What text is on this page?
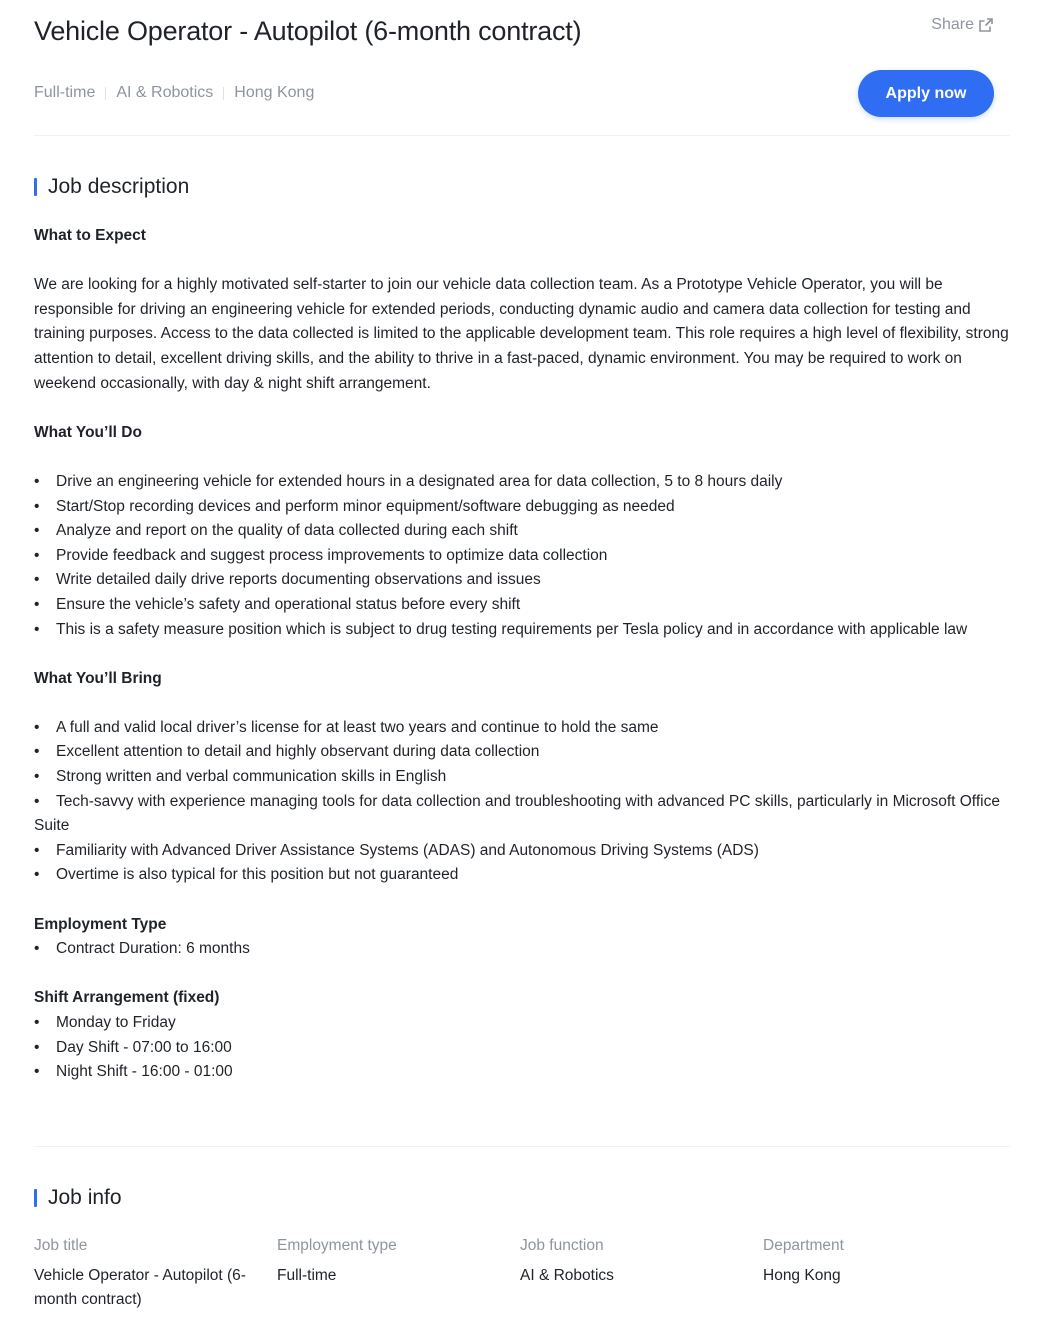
Vehicle Operator - Autopilot (6-month contract)	Share
Full-time AI & Robotics Hong Kong	Apply now
Job description
What to Expect

We are looking for a highly motivated self-starter to join our vehicle data collection team. As a Prototype Vehicle Operator, you will be responsible for driving an engineering vehicle for extended periods, conducting dynamic audio and camera data collection for testing and training purposes. Access to the data collected is limited to the applicable development team. This role requires a high level of flexibility, strong attention to detail, excellent driving skills, and the ability to thrive in a fast-paced, dynamic environment. You may be required to work on weekend occasionally, with day & night shift arrangement.

What You’ll Do
• Drive an engineering vehicle for extended hours in a designated area for data collection, 5 to 8 hours daily
• Start/Stop recording devices and perform minor equipment/software debugging as needed
• Analyze and report on the quality of data collected during each shift
• Provide feedback and suggest process improvements to optimize data collection
• Write detailed daily drive reports documenting observations and issues
• Ensure the vehicle’s safety and operational status before every shift
• This is a safety measure position which is subject to drug testing requirements per Tesla policy and in accordance with applicable law
What You’ll Bring
• A full and valid local driver’s license for at least two years and continue to hold the same
• Excellent attention to detail and highly observant during data collection
• Strong written and verbal communication skills in English
• Tech-savvy with experience managing tools for data collection and troubleshooting with advanced PC skills, particularly in Microsoft Office Suite
• Familiarity with Advanced Driver Assistance Systems (ADAS) and Autonomous Driving Systems (ADS)
• Overtime is also typical for this position but not guaranteed
Employment Type
• Contract Duration: 6 months
Shift Arrangement (fixed)
• Monday to Friday
• Day Shift - 07:00 to 16:00
• Night Shift - 16:00 - 01:00
Job info
Job title
Vehicle Operator - Autopilot (6-month contract)
Employment type
Full-time
Job function
AI & Robotics
Department
Hong Kong
